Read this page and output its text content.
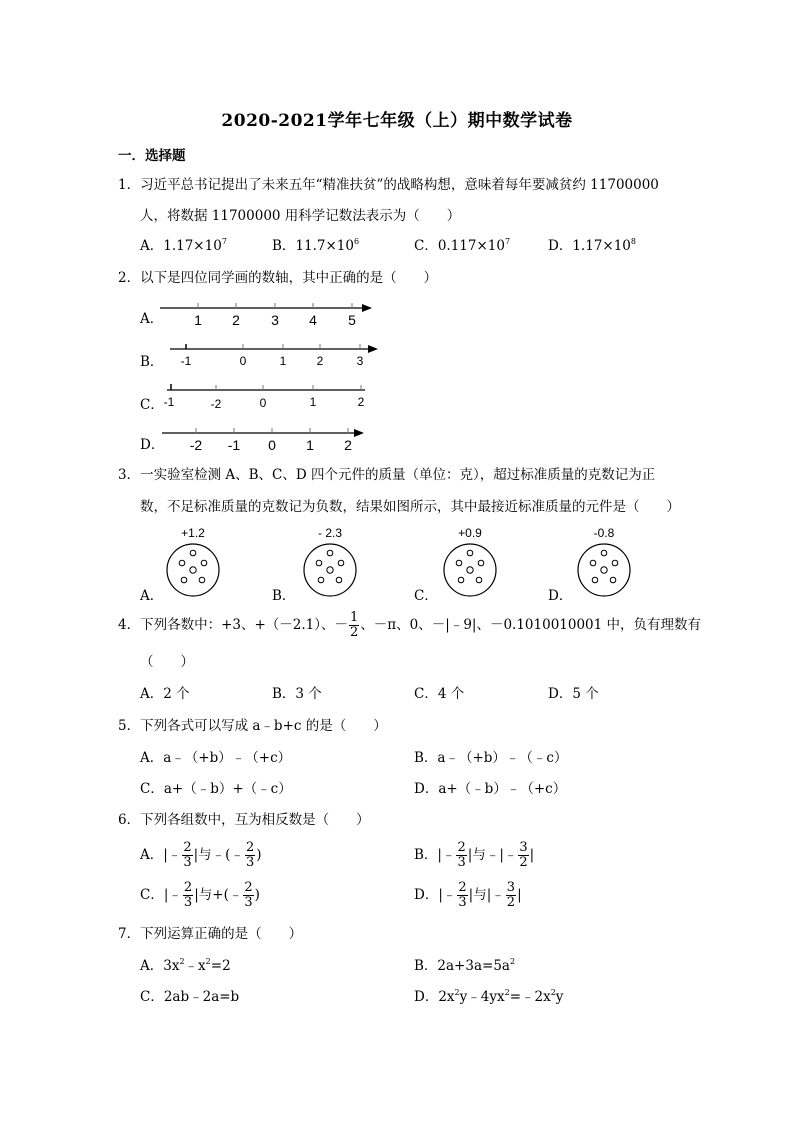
2020-2021学年七年级（上）期中数学试卷
一．选择题
1．习近平总书记提出了未来五年“精准扶贫”的战略构想，意味着每年要减贫约 11700000
人，将数据 11700000 用科学记数法表示为（　　）
A．$1.17\times 10^7$	B．$11.7\times 10^6$	C．$0.117\times 10^7$	D．$1.17\times 10^8$
2．以下是四位同学画的数轴，其中正确的是（　　）
A． 1 2 3 4 5
B． -1	0	1	2	3
C． -1	-2	0	1	2
D． -2 -1 0 1 2
3．一实验室检测 A、B、C、D 四个元件的质量（单位：克），超过标准质量的克数记为正
数，不足标准质量的克数记为负数，结果如图所示，其中最接近标准质量的元件是（　　）
A．
+1.2
B．
- 2.3
C．
+0.9
D．
-0.8
4．下列各数中：+3、+（－2.1）、－ $\frac{1}{2}$ 、－π、0、－|﹣9|、－0.1010010001 中，负有理数有
（　　）
A．2 个	B．3 个	C．4 个	D．5 个
5．下列各式可以写成 a﹣b+c 的是（　　）
A．a﹣（+b）﹣（+c）	B．a﹣（+b）﹣（﹣c）
C．a+（﹣b）+（﹣c）	D．a+（﹣b）﹣（+c）
6．下列各组数中，互为相反数是（　　）
A．|﹣ $\frac{2}{3}$ |与﹣(﹣ $\frac{2}{3}$ )	B．|﹣ $\frac{2}{3}$ |与﹣|﹣ $\frac{3}{2}$ |
C．|﹣ $\frac{2}{3}$ |与+(﹣ $\frac{2}{3}$ )	D．|﹣ $\frac{2}{3}$ |与|﹣ $\frac{3}{2}$ |
7．下列运算正确的是（　　）
A．$3x^2﹣x^2=2$	B．$2a+3a=5a^2$
C．2ab﹣2a=b	D．$2x^2y﹣4yx^2=﹣2x^2y$
